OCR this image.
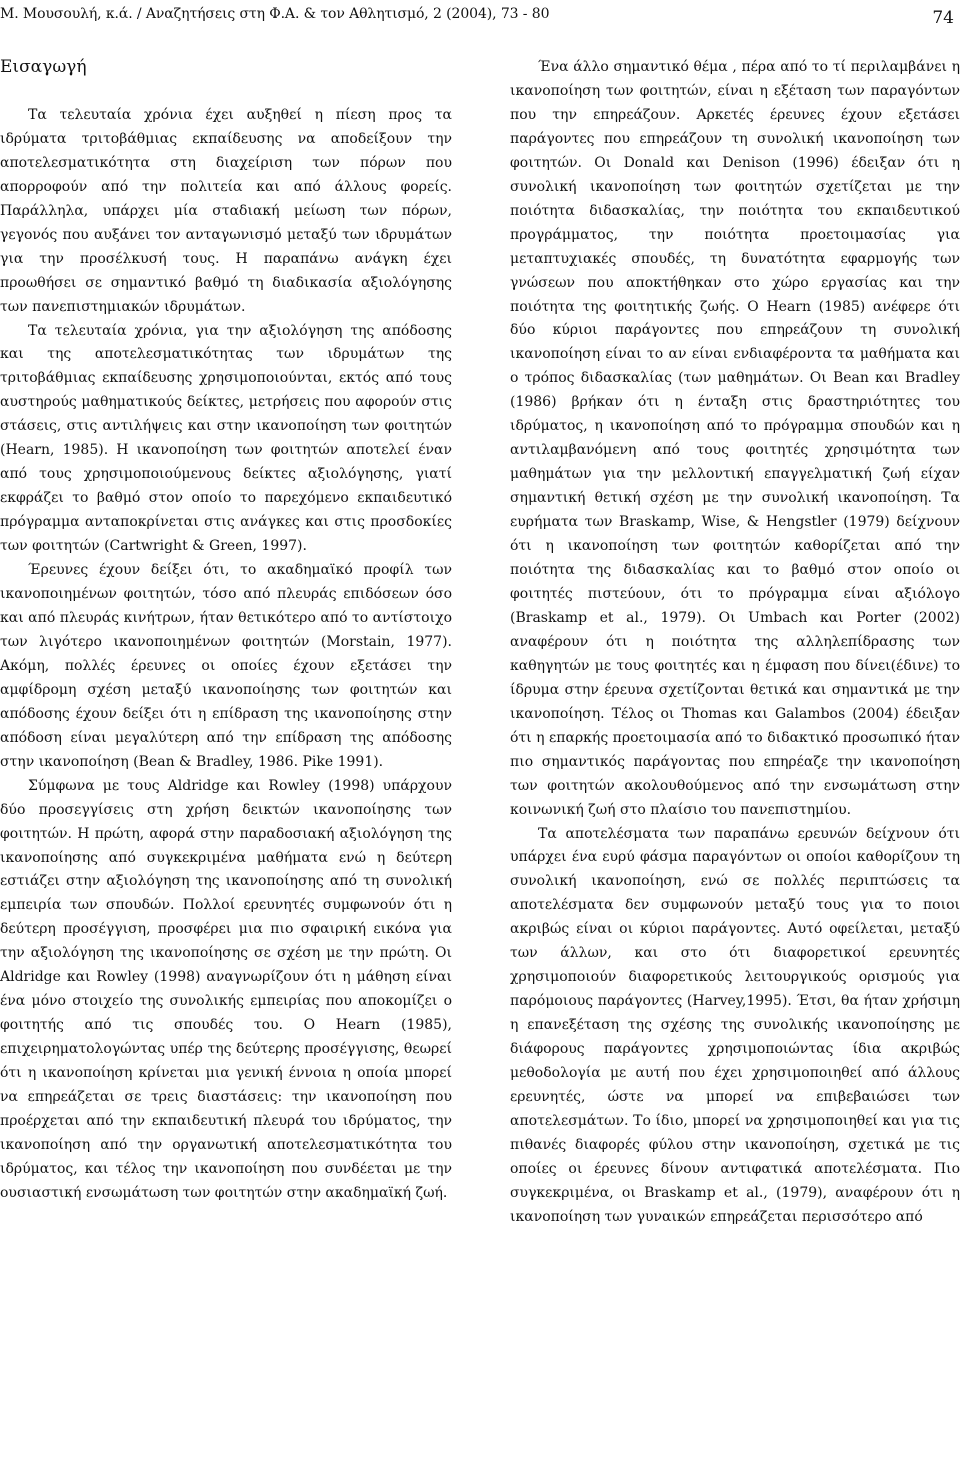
Μ. Μουσουλή, κ.ά. / Αναζητήσεις στη Φ.Α. & τον Αθλητισμό, 2 (2004), 73 - 80	74
Εισαγωγή

Τα τελευταία χρόνια έχει αυξηθεί η πίεση προς τα ιδρύματα τριτοβάθμιας εκπαίδευσης να αποδείξουν την αποτελεσματικότητα στη διαχείριση των πόρων που απορροφούν από την πολιτεία και από άλλους φορείς. Παράλληλα, υπάρχει μία σταδιακή μείωση των πόρων, γεγονός που αυξάνει τον ανταγωνισμό μεταξύ των ιδρυμάτων για την προσέλκυσή τους. Η παραπάνω ανάγκη έχει προωθήσει σε σημαντικό βαθμό τη διαδικασία αξιολόγησης των πανεπιστημιακών ιδρυμάτων.

Τα τελευταία χρόνια, για την αξιολόγηση της απόδοσης και της αποτελεσματικότητας των ιδρυμάτων της τριτοβάθμιας εκπαίδευσης χρησιμοποιούνται, εκτός από τους αυστηρούς μαθηματικούς δείκτες, μετρήσεις που αφορούν στις στάσεις, στις αντιλήψεις και στην ικανοποίηση των φοιτητών (Hearn, 1985). Η ικανοποίηση των φοιτητών αποτελεί έναν από τους χρησιμοποιούμενους δείκτες αξιολόγησης, γιατί εκφράζει το βαθμό στον οποίο το παρεχόμενο εκπαιδευτικό πρόγραμμα ανταποκρίνεται στις ανάγκες και στις προσδοκίες των φοιτητών (Cartwright & Green, 1997).

Έρευνες έχουν δείξει ότι, το ακαδημαϊκό προφίλ των ικανοποιημένων φοιτητών, τόσο από πλευράς επιδόσεων όσο και από πλευράς κινήτρων, ήταν θετικότερο από το αντίστοιχο των λιγότερο ικανοποιημένων φοιτητών (Morstain, 1977). Ακόμη, πολλές έρευνες οι οποίες έχουν εξετάσει την αμφίδρομη σχέση μεταξύ ικανοποίησης των φοιτητών και απόδοσης έχουν δείξει ότι η επίδραση της ικανοποίησης στην απόδοση είναι μεγαλύτερη από την επίδραση της απόδοσης στην ικανοποίηση (Bean & Bradley, 1986. Pike 1991).

Σύμφωνα με τους Aldridge και Rowley (1998) υπάρχουν δύο προσεγγίσεις στη χρήση δεικτών ικανοποίησης των φοιτητών. Η πρώτη, αφορά στην παραδοσιακή αξιολόγηση της ικανοποίησης από συγκεκριμένα μαθήματα ενώ η δεύτερη εστιάζει στην αξιολόγηση της ικανοποίησης από τη συνολική εμπειρία των σπουδών. Πολλοί ερευνητές συμφωνούν ότι η δεύτερη προσέγγιση, προσφέρει μια πιο σφαιρική εικόνα για την αξιολόγηση της ικανοποίησης σε σχέση με την πρώτη. Οι Aldridge και Rowley (1998) αναγνωρίζουν ότι η μάθηση είναι ένα μόνο στοιχείο της συνολικής εμπειρίας που αποκομίζει ο φοιτητής από τις σπουδές του. Ο Hearn (1985), επιχειρηματολογώντας υπέρ της δεύτερης προσέγγισης, θεωρεί ότι η ικανοποίηση κρίνεται μια γενική έννοια η οποία μπορεί να επηρεάζεται σε τρεις διαστάσεις: την ικανοποίηση που προέρχεται από την εκπαιδευτική πλευρά του ιδρύματος, την ικανοποίηση από την οργανωτική αποτελεσματικότητα του ιδρύματος, και τέλος την ικανοποίηση που συνδέεται με την ουσιαστική ενσωμάτωση των φοιτητών στην ακαδημαϊκή ζωή.

Ένα άλλο σημαντικό θέμα , πέρα από το τί περιλαμβάνει η ικανοποίηση των φοιτητών, είναι η εξέταση των παραγόντων που την επηρεάζουν. Αρκετές έρευνες έχουν εξετάσει παράγοντες που επηρεάζουν τη συνολική ικανοποίηση των φοιτητών. Οι Donald και Denison (1996) έδειξαν ότι η συνολική ικανοποίηση των φοιτητών σχετίζεται με την ποιότητα διδασκαλίας, την ποιότητα του εκπαιδευτικού προγράμματος, την ποιότητα προετοιμασίας για μεταπτυχιακές σπουδές, τη δυνατότητα εφαρμογής των γνώσεων που αποκτήθηκαν στο χώρο εργασίας και την ποιότητα της φοιτητικής ζωής. Ο Hearn (1985) ανέφερε ότι δύο κύριοι παράγοντες που επηρεάζουν τη συνολική ικανοποίηση είναι το αν είναι ενδιαφέροντα τα μαθήματα και ο τρόπος διδασκαλίας (των μαθημάτων. Οι Bean και Bradley (1986) βρήκαν ότι η ένταξη στις δραστηριότητες του ιδρύματος, η ικανοποίηση από το πρόγραμμα σπουδών και η αντιλαμβανόμενη από τους φοιτητές χρησιμότητα των μαθημάτων για την μελλοντική επαγγελματική ζωή είχαν σημαντική θετική σχέση με την συνολική ικανοποίηση. Τα ευρήματα των Braskamp, Wise, & Hengstler (1979) δείχνουν ότι η ικανοποίηση των φοιτητών καθορίζεται από την ποιότητα της διδασκαλίας και το βαθμό στον οποίο οι φοιτητές πιστεύουν, ότι το πρόγραμμα είναι αξιόλογο (Braskamp et al., 1979). Οι Umbach και Porter (2002) αναφέρουν ότι η ποιότητα της αλληλεπίδρασης των καθηγητών με τους φοιτητές και η έμφαση που δίνει(έδινε) το ίδρυμα στην έρευνα σχετίζονται θετικά και σημαντικά με την ικανοποίηση. Τέλος οι Thomas και Galambos (2004) έδειξαν ότι η επαρκής προετοιμασία από το διδακτικό προσωπικό ήταν πιο σημαντικός παράγοντας που επηρέαζε την ικανοποίηση των φοιτητών ακολουθούμενος από την ενσωμάτωση στην κοινωνική ζωή στο πλαίσιο του πανεπιστημίου.

Τα αποτελέσματα των παραπάνω ερευνών δείχνουν ότι υπάρχει ένα ευρύ φάσμα παραγόντων οι οποίοι καθορίζουν τη συνολική ικανοποίηση, ενώ σε πολλές περιπτώσεις τα αποτελέσματα δεν συμφωνούν μεταξύ τους για το ποιοι ακριβώς είναι οι κύριοι παράγοντες. Αυτό οφείλεται, μεταξύ των άλλων, και στο ότι διαφορετικοί ερευνητές χρησιμοποιούν διαφορετικούς λειτουργικούς ορισμούς για παρόμοιους παράγοντες (Harvey,1995). Έτσι, θα ήταν χρήσιμη η επανεξέταση της σχέσης της συνολικής ικανοποίησης με διάφορους παράγοντες χρησιμοποιώντας ίδια ακριβώς μεθοδολογία με αυτή που έχει χρησιμοποιηθεί από άλλους ερευνητές, ώστε να μπορεί να επιβεβαιώσει των αποτελεσμάτων. Το ίδιο, μπορεί να χρησιμοποιηθεί και για τις πιθανές διαφορές φύλου στην ικανοποίηση, σχετικά με τις οποίες οι έρευνες δίνουν αντιφατικά αποτελέσματα. Πιο συγκεκριμένα, οι Braskamp et al., (1979), αναφέρουν ότι η ικανοποίηση των γυναικών επηρεάζεται περισσότερο από
